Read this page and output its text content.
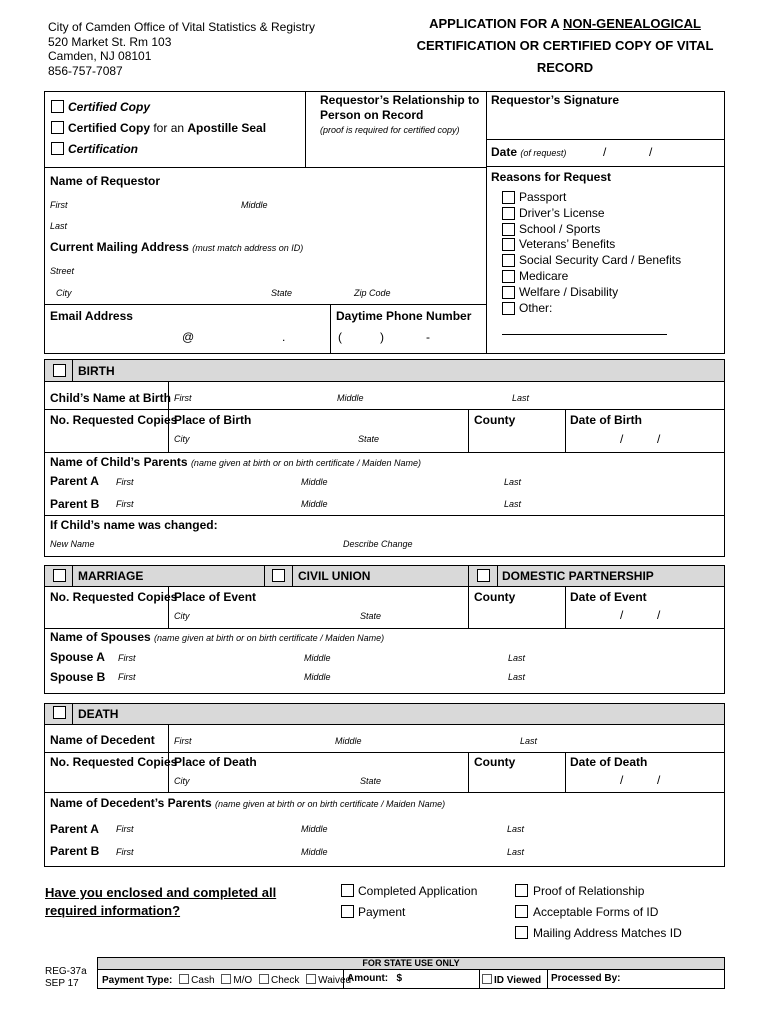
City of Camden Office of Vital Statistics & Registry
520 Market St. Rm 103
Camden, NJ 08101
856-757-7087
APPLICATION FOR A NON-GENEALOGICAL
CERTIFICATION OR CERTIFIED COPY OF VITAL RECORD
Certified Copy
Certified Copy for an Apostille Seal
Certification
Requestor’s Relationship to
Person on Record
(proof is required for certified copy)
Requestor’s Signature
Date (of request)	/	/
Name of Requestor
First	Middle
Last
Current Mailing Address (must match address on ID)
Street
City	State	Zip Code
Email Address
@	.
Daytime Phone Number
(	)	-
Reasons for Request
Passport
Driver’s License
School / Sports
Veterans’ Benefits
Social Security Card / Benefits
Medicare
Welfare / Disability
Other:
BIRTH
Child’s Name at Birth First	Middle	Last
No. Requested Copies
Place of Birth	County	Date of Birth
City	State	/	/
Name of Child’s Parents (name given at birth or on birth certificate / Maiden Name)
Parent A First	Middle	Last
Parent B First	Middle	Last
If Child’s name was changed:
New Name	Describe Change
MARRIAGE	CIVIL UNION	DOMESTIC PARTNERSHIP
No. Requested Copies
Place of Event	County	Date of Event
City	State	/	/
Name of Spouses (name given at birth or on birth certificate / Maiden Name)
Spouse A First	Middle	Last
Spouse B First	Middle	Last
DEATH
Name of Decedent First	Middle	Last
No. Requested Copies
Place of Death	County	Date of Death
City	State	/	/
Name of Decedent’s Parents (name given at birth or on birth certificate / Maiden Name)
Parent A First	Middle	Last
Parent B First	Middle	Last
Have you enclosed and completed all
required information?
Completed Application
Payment
Proof of Relationship
Acceptable Forms of ID
Mailing Address Matches ID
REG-37a
SEP 17
FOR STATE USE ONLY
Payment Type: Cash M/O Check Waived
Amount: $	ID Viewed Processed By:
